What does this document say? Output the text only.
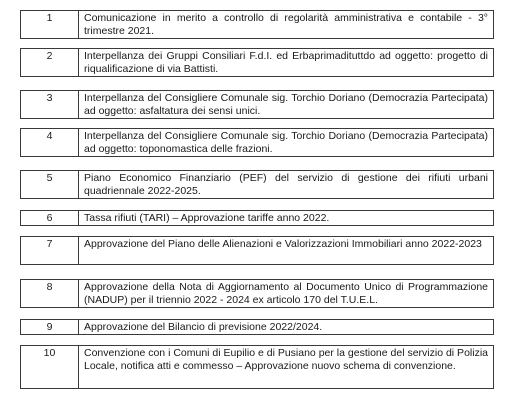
1	Comunicazione in merito a controllo di regolarità amministrativa e contabile - 3° trimestre 2021.
2	Interpellanza dei Gruppi Consiliari F.d.I. ed Erbaprimadituttdo ad oggetto: progetto di riqualificazione di via Battisti.
3	Interpellanza del Consigliere Comunale sig. Torchio Doriano (Democrazia Partecipata) ad oggetto: asfaltatura dei sensi unici.
4	Interpellanza del Consigliere Comunale sig. Torchio Doriano (Democrazia Partecipata) ad oggetto: toponomastica delle frazioni.
5	Piano Economico Finanziario (PEF) del servizio di gestione dei rifiuti urbani quadriennale 2022-2025.
6	Tassa rifiuti (TARI) – Approvazione tariffe anno 2022.
7	Approvazione del Piano delle Alienazioni e Valorizzazioni Immobiliari anno 2022-2023
8	Approvazione della Nota di Aggiornamento al Documento Unico di Programmazione (NADUP) per il triennio 2022 - 2024 ex articolo 170 del T.U.E.L.
9	Approvazione del Bilancio di previsione 2022/2024.
10	Convenzione con i Comuni di Eupilio e di Pusiano per la gestione del servizio di Polizia Locale, notifica atti e commesso – Approvazione nuovo schema di convenzione.
